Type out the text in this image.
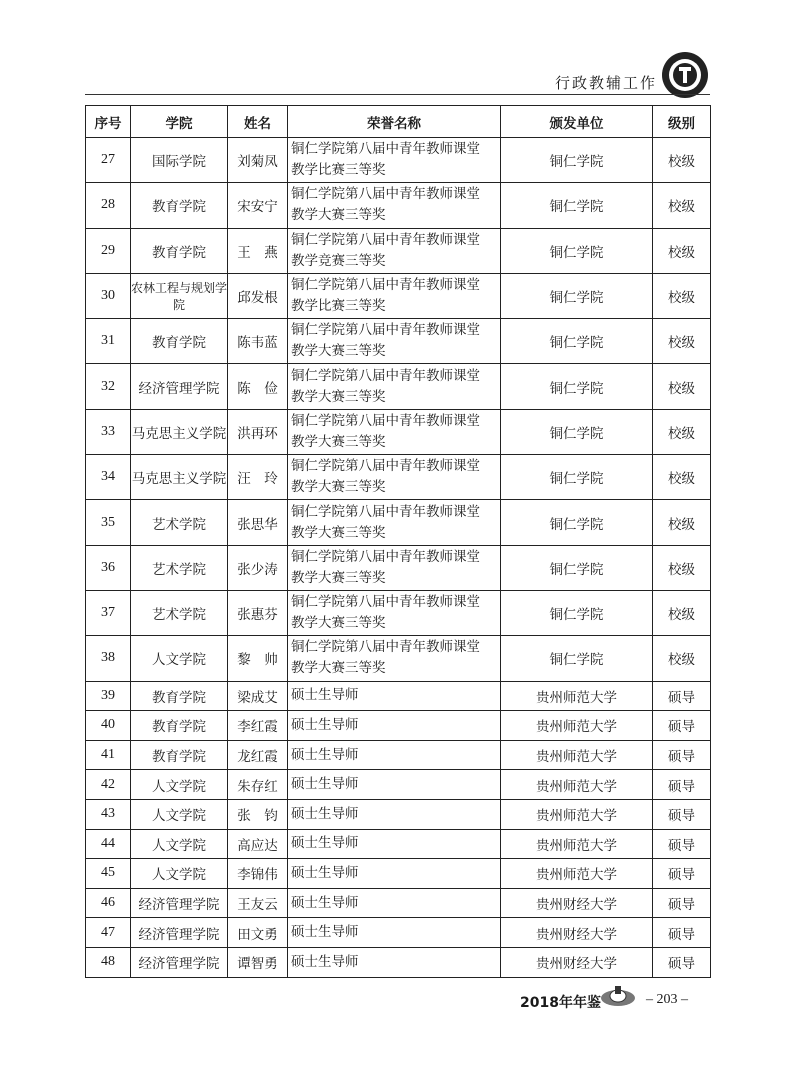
行政教辅工作
序号	学院	姓名	荣誉名称	颁发单位	级别
27	国际学院	刘菊凤	铜仁学院第八届中青年教师课堂
教学比赛三等奖	铜仁学院	校级
28	教育学院	宋安宁	铜仁学院第八届中青年教师课堂
教学大赛三等奖	铜仁学院	校级
29	教育学院	王　燕	铜仁学院第八届中青年教师课堂
教学竞赛三等奖	铜仁学院	校级
30	农林工程与规划学院	邱发根	铜仁学院第八届中青年教师课堂
教学比赛三等奖	铜仁学院	校级
31	教育学院	陈韦蓝	铜仁学院第八届中青年教师课堂
教学大赛三等奖	铜仁学院	校级
32	经济管理学院	陈　俭	铜仁学院第八届中青年教师课堂
教学大赛三等奖	铜仁学院	校级
33	马克思主义学院	洪再环	铜仁学院第八届中青年教师课堂
教学大赛三等奖	铜仁学院	校级
34	马克思主义学院	汪　玲	铜仁学院第八届中青年教师课堂
教学大赛三等奖	铜仁学院	校级
35	艺术学院	张思华	铜仁学院第八届中青年教师课堂
教学大赛三等奖	铜仁学院	校级
36	艺术学院	张少涛	铜仁学院第八届中青年教师课堂
教学大赛三等奖	铜仁学院	校级
37	艺术学院	张惠芬	铜仁学院第八届中青年教师课堂
教学大赛三等奖	铜仁学院	校级
38	人文学院	黎　帅	铜仁学院第八届中青年教师课堂
教学大赛三等奖	铜仁学院	校级
39	教育学院	梁成艾	硕士生导师	贵州师范大学	硕导
40	教育学院	李红霞	硕士生导师	贵州师范大学	硕导
41	教育学院	龙红霞	硕士生导师	贵州师范大学	硕导
42	人文学院	朱存红	硕士生导师	贵州师范大学	硕导
43	人文学院	张　钧	硕士生导师	贵州师范大学	硕导
44	人文学院	高应达	硕士生导师	贵州师范大学	硕导
45	人文学院	李锦伟	硕士生导师	贵州师范大学	硕导
46	经济管理学院	王友云	硕士生导师	贵州财经大学	硕导
47	经济管理学院	田文勇	硕士生导师	贵州财经大学	硕导
48	经济管理学院	谭智勇	硕士生导师	贵州财经大学	硕导
2018年年鉴	– 203 –
